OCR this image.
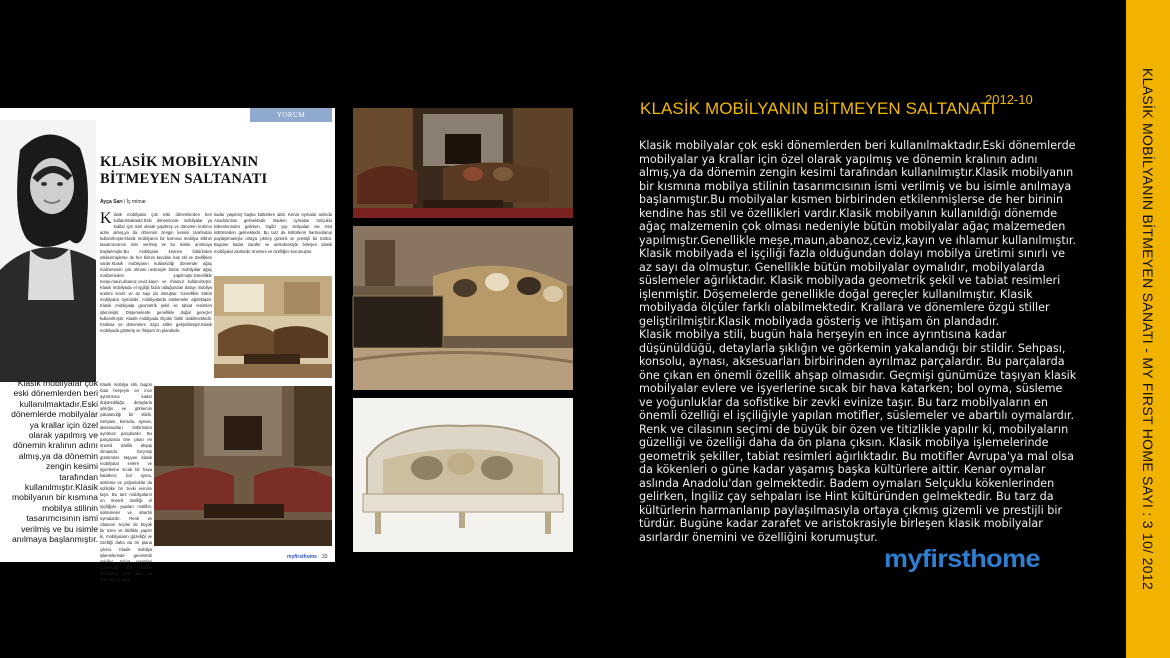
YORUM
KLASİK MOBİLYANIN BİTMEYEN SALTANATI
Ayça Sarı / İç mimar
K lasik mobilyalar çok eski dönemlerden beri kullanılmaktadır.Eski dönemlerde mobilyalar ya krallar için özel olarak yapılmış ve dönemin kralının adını almış,ya da dönemin zengin kesimi tarafından kullanılmıştır.Klasik mobilyanın bir kısmına mobilya stilinin tasarımcısının ismi verilmiş ve bu isimle anılmaya başlanmıştır.Bu mobilyalar kısmen birbirinden etkilenmişlerse de her birinin kendine has stil ve özellikleri vardır.Klasik mobilyanın kullanıldığı dönemde ağaç malzemenin çok olması nedeniyle bütün mobilyalar ağaç malzemeden yapılmıştır.Genellikle meşe,maun,abanoz,ceviz,kayın ve ıhlamur kullanılmıştır. Klasik mobilyada el işçiliği fazla olduğundan dolayı mobilya üretimi sınırlı ve az sayı da olmuştur. Genellikle bütün mobilyalar oymalıdır, mobilyalarda süslemeler ağırlıktadır. Klasik mobilyada geometrik şekil ve tabiat resimleri işlenmiştir. Döşemelerde genellikle doğal gereçler kullanılmıştır. Klasik mobilyada ölçüler farklı olabilmektedir. Krallara ve dönemlere özgü stiller geliştirilmiştir.Klasik mobilyada gösteriş ve ihtişam ön plandadır.
kadar yaşamış başka kültürlere aittir. Kenar oymalar aslında Anadolu'dan gelmektedir. Badem oymaları Selçuklu kökenlerinden gelirken, İngiliz çay sehpaları ise Hint kültüründen gelmektedir. Bu tarz da kültürlerin harmanlanıp paylaşılmasıyla ortaya çıkmış gizemli ve prestijli bir türdür. Bugüne kadar zarafet ve aristokrasiyle birleşen klasik mobilyalar asırlardır önemini ve özelliğini korumuştur.
Klasik mobilya stili, bugün hala herşeyin en ince ayrıntısına kadar düşünüldüğü, detaylarla şıklığın ve görkemin yakalandığı bir stildir. Sehpası, konsolu, aynası, aksesuarları birbirinden ayrılmaz parçalardır. Bu parçalarda öne çıkan en önemli özellik ahşap olmasıdır. Geçmişi günümüze taşıyan klasik mobilyalar evlere ve işyerlerine sıcak bir hava katarken; bol oyma, süsleme ve yoğunluklar da sofistike bir zevki evinize taşır. Bu tarz mobilyaların en önemli özelliği el işçiliğiyle yapılan motifler, süslemeler ve abartılı oymalardır. Renk ve cilasının seçimi de büyük bir özen ve titizlikle yapılır ki, mobilyaların güzelliği ve özelliği daha da ön plana çıksın. Klasik mobilya işlemelerinde geometrik şekiller, tabiat resimleri ağırlıktadır. Bu motifler Avrupa'ya mal olsa da kökenleri o güne
Klasik mobilyalar çok eski dönemlerden beri kullanılmaktadır.Eski dönemlerde mobilyalar ya krallar için özel olarak yapılmış ve dönemin kralının adını almış,ya da dönemin zengin kesimi tarafından kullanılmıştır.Klasik mobilyanın bir kısmına mobilya stilinin tasarımcısının ismi verilmiş ve bu isimle anılmaya başlanmıştır.
myfirsthome 33
KLASİK MOBİLYANIN BİTMEYEN SALTANATI
2012-10

Klasik mobilyalar çok eski dönemlerden beri kullanılmaktadır.Eski dönemlerde mobilyalar ya krallar için özel olarak yapılmış ve dönemin kralının adını almış,ya da dönemin zengin kesimi tarafından kullanılmıştır.Klasik mobilyanın bir kısmına mobilya stilinin tasarımcısının ismi verilmiş ve bu isimle anılmaya başlanmıştır.Bu mobilyalar kısmen birbirinden etkilenmişlerse de her birinin kendine has stil ve özellikleri vardır.Klasik mobilyanın kullanıldığı dönemde ağaç malzemenin çok olması nedeniyle bütün mobilyalar ağaç malzemeden yapılmıştır.Genellikle meşe,maun,abanoz,ceviz,kayın ve ıhlamur kullanılmıştır. Klasik mobilyada el işçiliği fazla olduğundan dolayı mobilya üretimi sınırlı ve az sayı da olmuştur. Genellikle bütün mobilyalar oymalıdır, mobilyalarda süslemeler ağırlıktadır. Klasik mobilyada geometrik şekil ve tabiat resimleri işlenmiştir. Döşemelerde genellikle doğal gereçler kullanılmıştır. Klasik mobilyada ölçüler farklı olabilmektedir. Krallara ve dönemlere özgü stiller geliştirilmiştir.Klasik mobilyada gösteriş ve ihtişam ön plandadır.

Klasik mobilya stili, bugün hala herşeyin en ince ayrıntısına kadar düşünüldüğü, detaylarla şıklığın ve görkemin yakalandığı bir stildir. Sehpası, konsolu, aynası, aksesuarları birbirinden ayrılmaz parçalardır. Bu parçalarda öne çıkan en önemli özellik ahşap olmasıdır. Geçmişi günümüze taşıyan klasik mobilyalar evlere ve işyerlerine sıcak bir hava katarken; bol oyma, süsleme ve yoğunluklar da sofistike bir zevki evinize taşır. Bu tarz mobilyaların en önemli özelliği el işçiliğiyle yapılan motifler, süslemeler ve abartılı oymalardır. Renk ve cilasının seçimi de büyük bir özen ve titizlikle yapılır ki, mobilyaların güzelliği ve özelliği daha da ön plana çıksın. Klasik mobilya işlemelerinde geometrik şekiller, tabiat resimleri ağırlıktadır. Bu motifler Avrupa'ya mal olsa da kökenleri o güne kadar yaşamış başka kültürlere aittir. Kenar oymalar aslında Anadolu'dan gelmektedir. Badem oymaları Selçuklu kökenlerinden gelirken, İngiliz çay sehpaları ise Hint kültüründen gelmektedir. Bu tarz da kültürlerin harmanlanıp paylaşılmasıyla ortaya çıkmış gizemli ve prestijli bir türdür. Bugüne kadar zarafet ve aristokrasiyle birleşen klasik mobilyalar asırlardır önemini ve özelliğini korumuştur.

myfirsthome	KLASİK MOBİLYANIN BİTMEYEN SANATI - MY FIRST HOME SAYI : 3 10/ 2012
